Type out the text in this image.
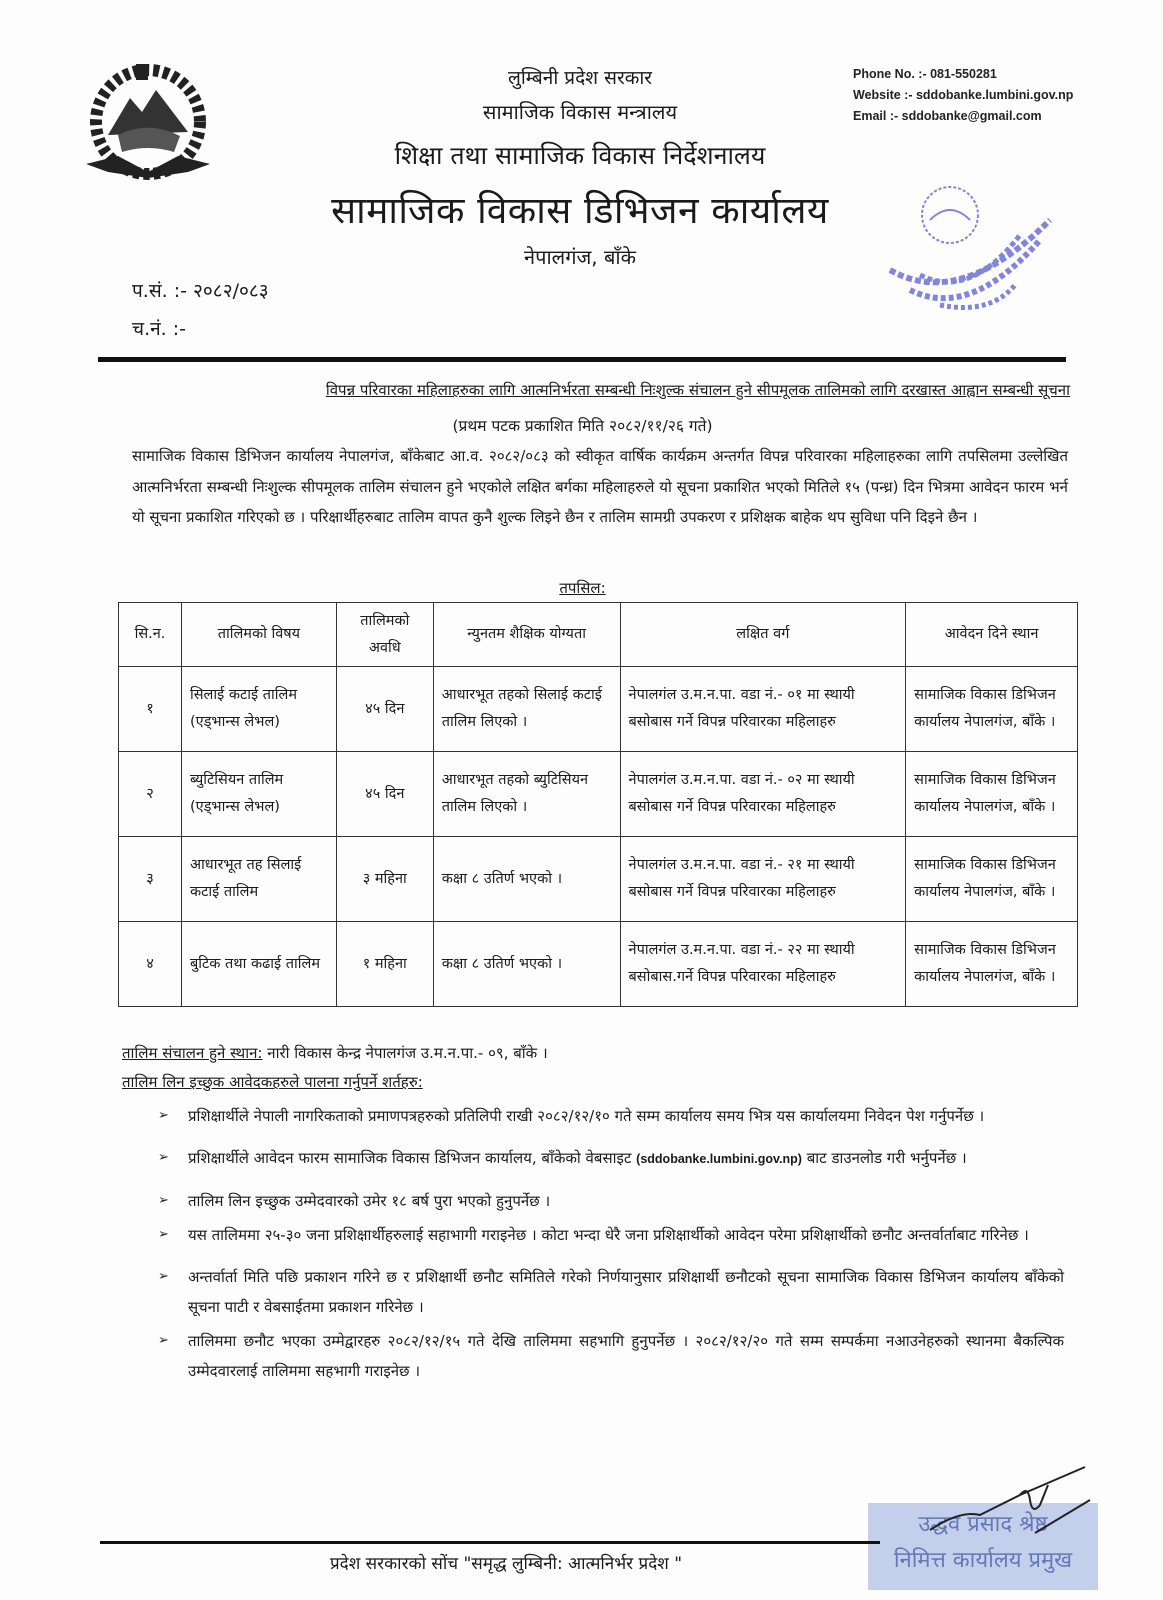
लुम्बिनी प्रदेश सरकार
सामाजिक विकास मन्त्रालय
शिक्षा तथा सामाजिक विकास निर्देशनालय
सामाजिक विकास डिभिजन कार्यालय
नेपालगंज, बाँके
Phone No. :- 081-550281
Website :- sddobanke.lumbini.gov.np
Email :- sddobanke@gmail.com
प.सं. :- २०८२/०८३
च.नं. :-
विपन्न परिवारका महिलाहरुका लागि आत्मनिर्भरता सम्बन्धी निःशुल्क संचालन हुने सीपमूलक तालिमको लागि दरखास्त आह्वान सम्बन्धी सूचना
(प्रथम पटक प्रकाशित मिति २०८२/११/२६ गते)
सामाजिक विकास डिभिजन कार्यालय नेपालगंज, बाँकेबाट आ.व. २०८२/०८३ को स्वीकृत वार्षिक कार्यक्रम अन्तर्गत विपन्न परिवारका महिलाहरुका लागि तपसिलमा उल्लेखित आत्मनिर्भरता सम्बन्धी निःशुल्क सीपमूलक तालिम संचालन हुने भएकोले लक्षित बर्गका महिलाहरुले यो सूचना प्रकाशित भएको मितिले १५ (पन्ध्र) दिन भित्रमा आवेदन फारम भर्न यो सूचना प्रकाशित गरिएको छ । परिक्षार्थीहरुबाट तालिम वापत कुनै शुल्क लिइने छैन र तालिम सामग्री उपकरण र प्रशिक्षक बाहेक थप सुविधा पनि दिइने छैन ।
तपसिल:
सि.न.	तालिमको विषय	तालिमको अवधि	न्युनतम शैक्षिक योग्यता	लक्षित वर्ग	आवेदन दिने स्थान
१	सिलाई कटाई तालिम (एड्भान्स लेभल)	४५ दिन	आधारभूत तहको सिलाई कटाई तालिम लिएको ।	नेपालगंल उ.म.न.पा. वडा नं.- ०१ मा स्थायी बसोबास गर्ने विपन्न परिवारका महिलाहरु	सामाजिक विकास डिभिजन कार्यालय नेपालगंज, बाँके ।
२	ब्युटिसियन तालिम (एड्भान्स लेभल)	४५ दिन	आधारभूत तहको ब्युटिसियन तालिम लिएको ।	नेपालगंल उ.म.न.पा. वडा नं.- ०२ मा स्थायी बसोबास गर्ने विपन्न परिवारका महिलाहरु	सामाजिक विकास डिभिजन कार्यालय नेपालगंज, बाँके ।
३	आधारभूत तह सिलाई कटाई तालिम	३ महिना	कक्षा ८ उतिर्ण भएको ।	नेपालगंल उ.म.न.पा. वडा नं.- २१ मा स्थायी बसोबास गर्ने विपन्न परिवारका महिलाहरु	सामाजिक विकास डिभिजन कार्यालय नेपालगंज, बाँके ।
४	बुटिक तथा कढाई तालिम	१ महिना	कक्षा ८ उतिर्ण भएको ।	नेपालगंल उ.म.न.पा. वडा नं.- २२ मा स्थायी बसोबास.गर्ने विपन्न परिवारका महिलाहरु	सामाजिक विकास डिभिजन कार्यालय नेपालगंज, बाँके ।
तालिम संचालन हुने स्थान: नारी विकास केन्द्र नेपालगंज उ.म.न.पा.- ०९, बाँके ।
तालिम लिन इच्छुक आवेदकहरुले पालना गर्नुपर्ने शर्तहरु:
➢ प्रशिक्षार्थीले नेपाली नागरिकताको प्रमाणपत्रहरुको प्रतिलिपी राखी २०८२/१२/१० गते सम्म कार्यालय समय भित्र यस कार्यालयमा निवेदन पेश गर्नुपर्नेछ ।
➢ प्रशिक्षार्थीले आवेदन फारम सामाजिक विकास डिभिजन कार्यालय, बाँकेको वेबसाइट (sddobanke.lumbini.gov.np) बाट डाउनलोड गरी भर्नुपर्नेछ ।
➢ तालिम लिन इच्छुक उम्मेदवारको उमेर १८ बर्ष पुरा भएको हुनुपर्नेछ ।
➢ यस तालिममा २५-३० जना प्रशिक्षार्थीहरुलाई सहाभागी गराइनेछ । कोटा भन्दा धेरै जना प्रशिक्षार्थीको आवेदन परेमा प्रशिक्षार्थीको छनौट अन्तर्वार्ताबाट गरिनेछ ।
➢ अन्तर्वार्ता मिति पछि प्रकाशन गरिने छ र प्रशिक्षार्थी छनौट समितिले गरेको निर्णयानुसार प्रशिक्षार्थी छनौटको सूचना सामाजिक विकास डिभिजन कार्यालय बाँकेको सूचना पाटी र वेबसाईतमा प्रकाशन गरिनेछ ।
➢ तालिममा छनौट भएका उम्मेद्वारहरु २०८२/१२/१५ गते देखि तालिममा सहभागि हुनुपर्नेछ । २०८२/१२/२० गते सम्म सम्पर्कमा नआउनेहरुको स्थानमा बैकल्पिक उम्मेदवारलाई तालिममा सहभागी गराइनेछ ।
उद्धव प्रसाद श्रेष्ठ
निमित्त कार्यालय प्रमुख
प्रदेश सरकारको सोंच "समृद्ध लुम्बिनी: आत्मनिर्भर प्रदेश "
